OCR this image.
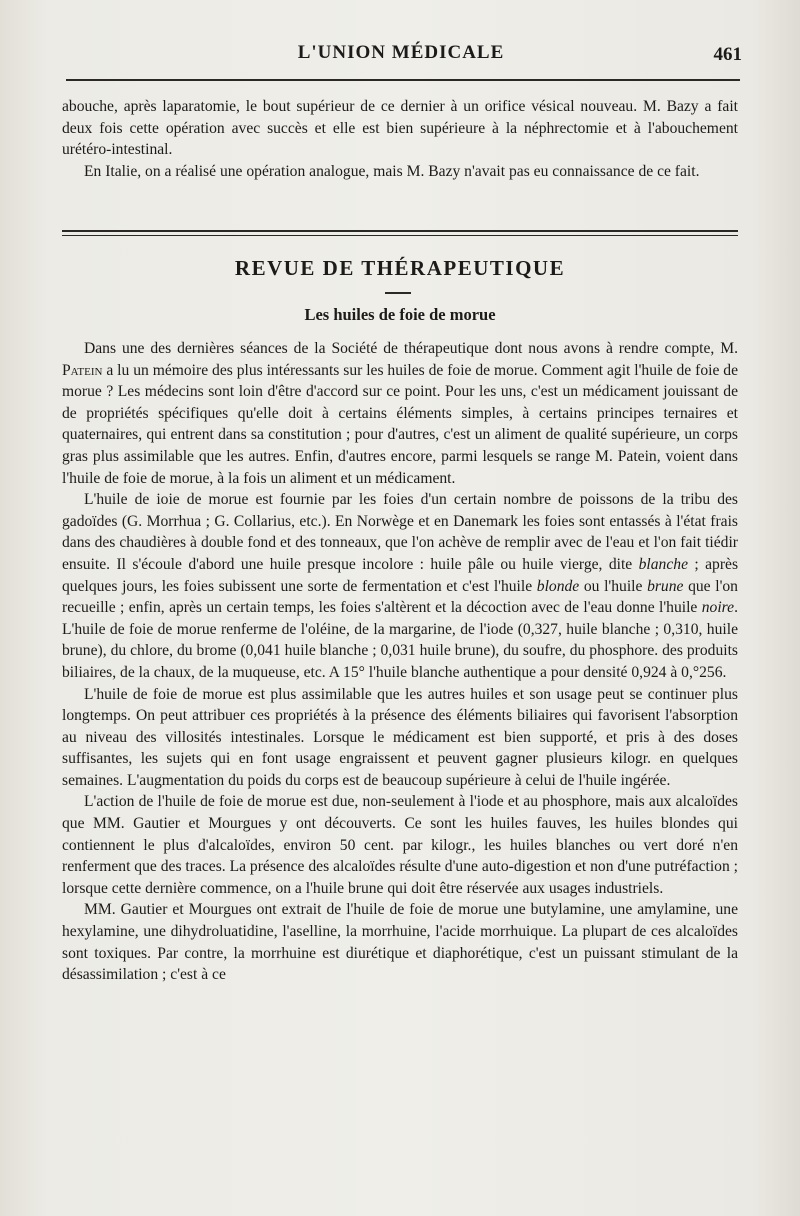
L'UNION MÉDICALE	461

abouche, après laparatomie, le bout supérieur de ce dernier à un orifice vésical nouveau. M. Bazy a fait deux fois cette opération avec succès et elle est bien supérieure à la néphrectomie et à l'abouchement urétéro-intestinal.

En Italie, on a réalisé une opération analogue, mais M. Bazy n'avait pas eu connaissance de ce fait.

REVUE DE THÉRAPEUTIQUE
Les huiles de foie de morue

Dans une des dernières séances de la Société de thérapeutique dont nous avons à rendre compte, M. Patein a lu un mémoire des plus intéressants sur les huiles de foie de morue. Comment agit l'huile de foie de morue ? Les médecins sont loin d'être d'accord sur ce point. Pour les uns, c'est un médicament jouissant de de propriétés spécifiques qu'elle doit à certains éléments simples, à certains principes ternaires et quaternaires, qui entrent dans sa constitution ; pour d'autres, c'est un aliment de qualité supérieure, un corps gras plus assimilable que les autres. Enfin, d'autres encore, parmi lesquels se range M. Patein, voient dans l'huile de foie de morue, à la fois un aliment et un médicament.

L'huile de ioie de morue est fournie par les foies d'un certain nombre de poissons de la tribu des gadoïdes (G. Morrhua ; G. Collarius, etc.). En Norwège et en Danemark les foies sont entassés à l'état frais dans des chaudières à double fond et des tonneaux, que l'on achève de remplir avec de l'eau et l'on fait tiédir ensuite. Il s'écoule d'abord une huile presque incolore : huile pâle ou huile vierge, dite blanche ; après quelques jours, les foies subissent une sorte de fermentation et c'est l'huile blonde ou l'huile brune que l'on recueille ; enfin, après un certain temps, les foies s'altèrent et la décoction avec de l'eau donne l'huile noire. L'huile de foie de morue renferme de l'oléine, de la margarine, de l'iode (0,327, huile blanche ; 0,310, huile brune), du chlore, du brome (0,041 huile blanche ; 0,031 huile brune), du soufre, du phosphore. des produits biliaires, de la chaux, de la muqueuse, etc. A 15° l'huile blanche authentique a pour densité 0,924 à 0,°256.

L'huile de foie de morue est plus assimilable que les autres huiles et son usage peut se continuer plus longtemps. On peut attribuer ces propriétés à la présence des éléments biliaires qui favorisent l'absorption au niveau des villosités intestinales. Lorsque le médicament est bien supporté, et pris à des doses suffisantes, les sujets qui en font usage engraissent et peuvent gagner plusieurs kilogr. en quelques semaines. L'augmentation du poids du corps est de beaucoup supérieure à celui de l'huile ingérée.

L'action de l'huile de foie de morue est due, non-seulement à l'iode et au phosphore, mais aux alcaloïdes que MM. Gautier et Mourgues y ont découverts. Ce sont les huiles fauves, les huiles blondes qui contiennent le plus d'alcaloïdes, environ 50 cent. par kilogr., les huiles blanches ou vert doré n'en renferment que des traces. La présence des alcaloïdes résulte d'une auto-digestion et non d'une putréfaction ; lorsque cette dernière commence, on a l'huile brune qui doit être réservée aux usages industriels.

MM. Gautier et Mourgues ont extrait de l'huile de foie de morue une butylamine, une amylamine, une hexylamine, une dihydroluatidine, l'aselline, la morrhuine, l'acide morrhuique. La plupart de ces alcaloïdes sont toxiques. Par contre, la morrhuine est diurétique et diaphorétique, c'est un puissant stimulant de la désassimilation ; c'est à ce
